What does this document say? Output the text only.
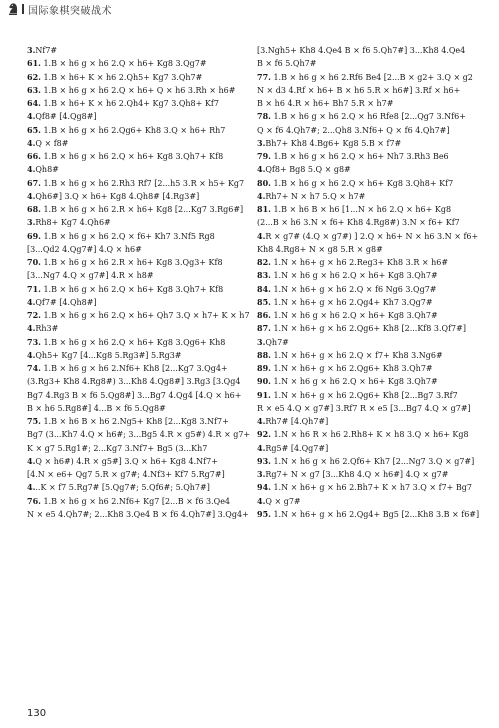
国际象棋突破战术
3.Nf7#
61. 1.B × h6 g × h6 2.Q × h6+ Kg8 3.Qg7#
62. 1.B × h6+ K × h6 2.Qh5+ Kg7 3.Qh7#
63. 1.B × h6 g × h6 2.Q × h6+ Q × h6 3.Rh × h6#
64. 1.B × h6+ K × h6 2.Qh4+ Kg7 3.Qh8+ Kf7
4.Qf8# [4.Qg8#]
65. 1.B × h6 g × h6 2.Qg6+ Kh8 3.Q × h6+ Rh7
4.Q × f8#
66. 1.B × h6 g × h6 2.Q × h6+ Kg8 3.Qh7+ Kf8
4.Qh8#
67. 1.B × h6 g × h6 2.Rh3 Rf7 [2...h5 3.R × h5+ Kg7
4.Qh6#] 3.Q × h6+ Kg8 4.Qh8# [4.Rg3#]
68. 1.B × h6 g × h6 2.R × h6+ Kg8 [2...Kg7 3.Rg6#]
3.Rh8+ Kg7 4.Qh6#
69. 1.B × h6 g × h6 2.Q × f6+ Kh7 3.Nf5 Rg8
[3...Qd2 4.Qg7#] 4.Q × h6#
70. 1.B × h6 g × h6 2.R × h6+ Kg8 3.Qg3+ Kf8
[3...Ng7 4.Q × g7#] 4.R × h8#
71. 1.B × h6 g × h6 2.Q × h6+ Kg8 3.Qh7+ Kf8
4.Qf7# [4.Qh8#]
72. 1.B × h6 g × h6 2.Q × h6+ Qh7 3.Q × h7+ K × h7
4.Rh3#
73. 1.B × h6 g × h6 2.Q × h6+ Kg8 3.Qg6+ Kh8
4.Qh5+ Kg7 [4...Kg8 5.Rg3#] 5.Rg3#
74. 1.B × h6 g × h6 2.Nf6+ Kh8 [2...Kg7 3.Qg4+
(3.Rg3+ Kh8 4.Rg8#) 3...Kh8 4.Qg8#] 3.Rg3 [3.Qg4
Bg7 4.Rg3 B × f6 5.Qg8#] 3...Bg7 4.Qg4 [4.Q × h6+
B × h6 5.Rg8#] 4...B × f6 5.Qg8#
75. 1.B × h6 B × h6 2.Ng5+ Kh8 [2...Kg8 3.Nf7+
Bg7 (3...Kh7 4.Q × h6#; 3...Bg5 4.R × g5#) 4.R × g7+
K × g7 5.Rg1#; 2...Kg7 3.Nf7+ Bg5 (3...Kh7
4.Q × h6#) 4.R × g5#] 3.Q × h6+ Kg8 4.Nf7+
[4.N × e6+ Qg7 5.R × g7#; 4.Nf3+ Kf7 5.Rg7#]
4...K × f7 5.Rg7# [5.Qg7#; 5.Qf6#; 5.Qh7#]
76. 1.B × h6 g × h6 2.Nf6+ Kg7 [2...B × f6 3.Qe4
N × e5 4.Qh7#; 2...Kh8 3.Qe4 B × f6 4.Qh7#] 3.Qg4+
[3.Ngh5+ Kh8 4.Qe4 B × f6 5.Qh7#] 3...Kh8 4.Qe4
B × f6 5.Qh7#
77. 1.B × h6 g × h6 2.Rf6 Be4 [2...B × g2+ 3.Q × g2
N × d3 4.Rf × h6+ B × h6 5.R × h6#] 3.Rf × h6+
B × h6 4.R × h6+ Bh7 5.R × h7#
78. 1.B × h6 g × h6 2.Q × h6 Rfe8 [2...Qg7 3.Nf6+
Q × f6 4.Qh7#; 2...Qh8 3.Nf6+ Q × f6 4.Qh7#]
3.Bh7+ Kh8 4.Bg6+ Kg8 5.B × f7#
79. 1.B × h6 g × h6 2.Q × h6+ Nh7 3.Rh3 Be6
4.Qf8+ Bg8 5.Q × g8#
80. 1.B × h6 g × h6 2.Q × h6+ Kg8 3.Qh8+ Kf7
4.Rh7+ N × h7 5.Q × h7#
81. 1.B × h6 B × h6 [1...N × h6 2.Q × h6+ Kg8
(2...B × h6 3.N × f6+ Kh8 4.Rg8#) 3.N × f6+ Kf7
4.R × g7# (4.Q × g7#) ] 2.Q × h6+ N × h6 3.N × f6+
Kh8 4.Rg8+ N × g8 5.R × g8#
82. 1.N × h6+ g × h6 2.Reg3+ Kh8 3.R × h6#
83. 1.N × h6 g × h6 2.Q × h6+ Kg8 3.Qh7#
84. 1.N × h6+ g × h6 2.Q × f6 Ng6 3.Qg7#
85. 1.N × h6+ g × h6 2.Qg4+ Kh7 3.Qg7#
86. 1.N × h6 g × h6 2.Q × h6+ Kg8 3.Qh7#
87. 1.N × h6+ g × h6 2.Qg6+ Kh8 [2...Kf8 3.Qf7#]
3.Qh7#
88. 1.N × h6+ g × h6 2.Q × f7+ Kh8 3.Ng6#
89. 1.N × h6+ g × h6 2.Qg6+ Kh8 3.Qh7#
90. 1.N × h6 g × h6 2.Q × h6+ Kg8 3.Qh7#
91. 1.N × h6+ g × h6 2.Qg6+ Kh8 [2...Bg7 3.Rf7
R × e5 4.Q × g7#] 3.Rf7 R × e5 [3...Bg7 4.Q × g7#]
4.Rh7# [4.Qh7#]
92. 1.N × h6 R × h6 2.Rh8+ K × h8 3.Q × h6+ Kg8
4.Rg5# [4.Qg7#]
93. 1.N × h6 g × h6 2.Qf6+ Kh7 [2...Ng7 3.Q × g7#]
3.Rg7+ N × g7 [3...Kh8 4.Q × h6#] 4.Q × g7#
94. 1.N × h6+ g × h6 2.Bh7+ K × h7 3.Q × f7+ Bg7
4.Q × g7#
95. 1.N × h6+ g × h6 2.Qg4+ Bg5 [2...Kh8 3.B × f6#]
130
